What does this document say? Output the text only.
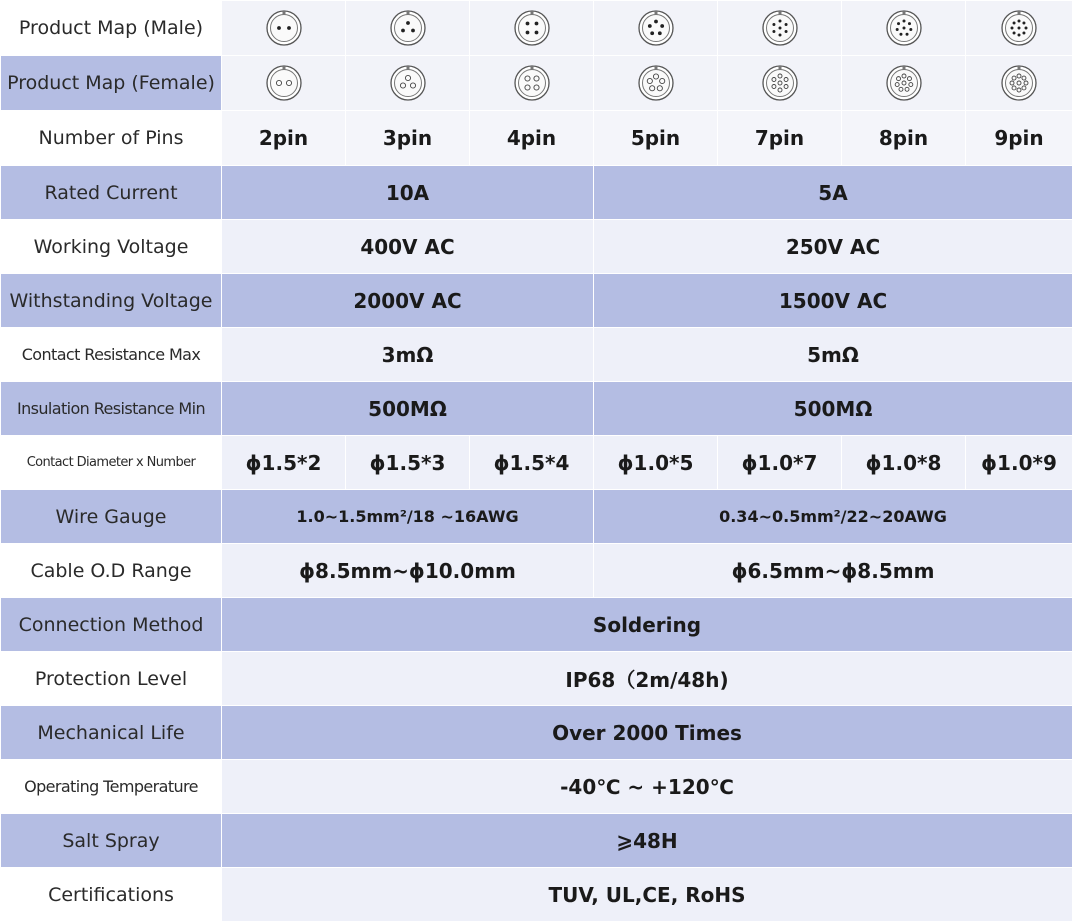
Product Map (Male)	

Product Map (Female)	

Number of Pins	2pin	3pin	4pin	5pin	7pin	8pin	9pin
Rated Current	10A			5A			
Working Voltage	400V AC			250V AC			
Withstanding Voltage	2000V AC			1500V AC			
Contact Resistance Max	3mΩ			5mΩ			
Insulation Resistance Min	500MΩ			500MΩ			
Contact Diameter x Number	ϕ1.5*2	ϕ1.5*3	ϕ1.5*4	ϕ1.0*5	ϕ1.0*7	ϕ1.0*8	ϕ1.0*9
Wire Gauge	1.0~1.5mm²/18 ~16AWG			0.34~0.5mm²/22~20AWG			
Cable O.D Range	ϕ8.5mm~ϕ10.0mm			ϕ6.5mm~ϕ8.5mm			
Connection Method	Soldering						
Protection Level	IP68（2m/48h)						
Mechanical Life	Over 2000 Times						
Operating Temperature	-40℃ ~ +120℃						
Salt Spray	⩾48H						
Certifications	TUV, UL,CE, RoHS						
